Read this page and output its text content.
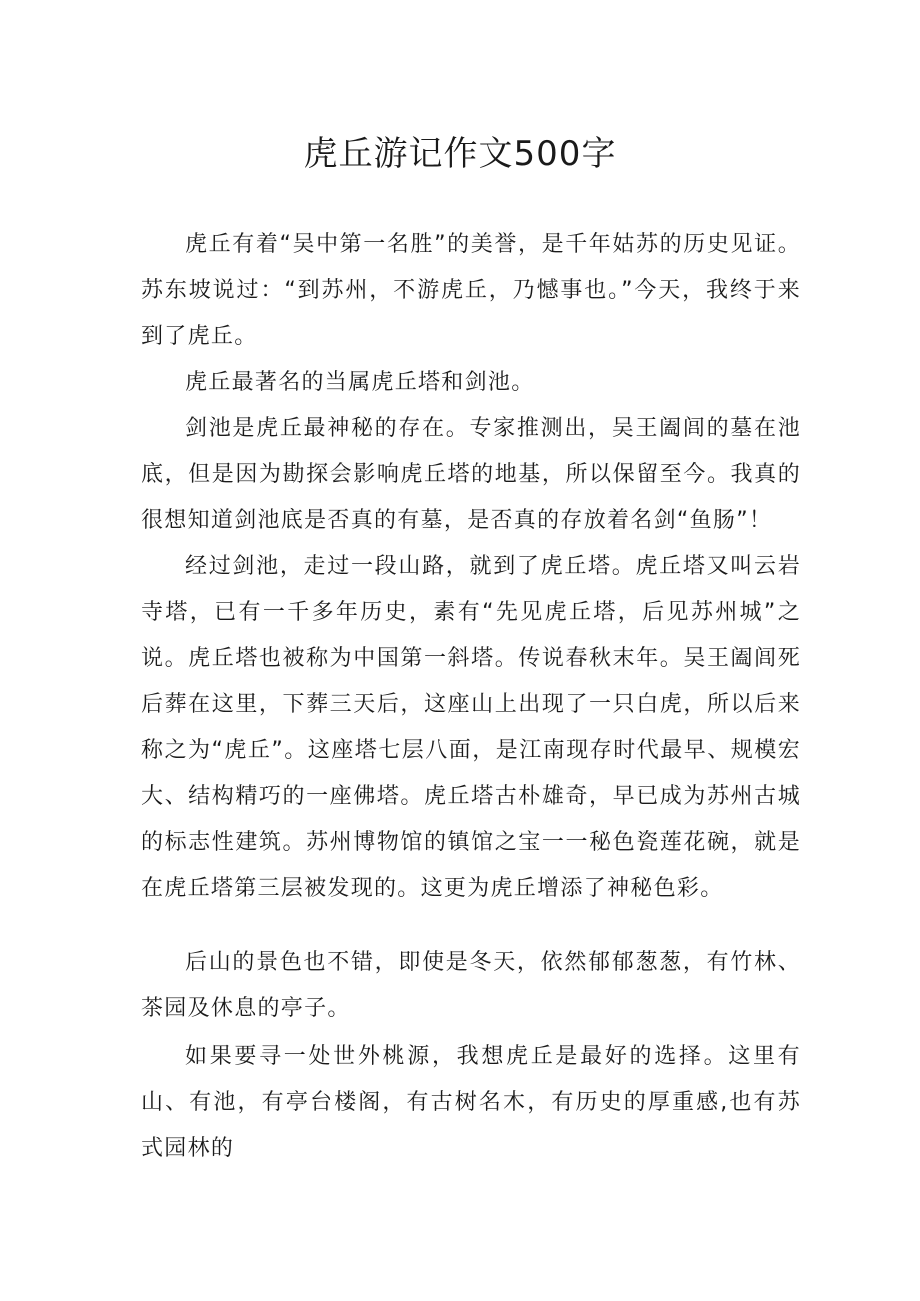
虎丘游记作文500字

虎丘有着“吴中第一名胜”的美誉，是千年姑苏的历史见证。苏东坡说过：“到苏州，不游虎丘，乃憾事也。”今天，我终于来到了虎丘。

虎丘最著名的当属虎丘塔和剑池。

剑池是虎丘最神秘的存在。专家推测出，吴王阖闾的墓在池底，但是因为勘探会影响虎丘塔的地基，所以保留至今。我真的很想知道剑池底是否真的有墓，是否真的存放着名剑“鱼肠”！

经过剑池，走过一段山路，就到了虎丘塔。虎丘塔又叫云岩寺塔，已有一千多年历史，素有“先见虎丘塔，后见苏州城”之说。虎丘塔也被称为中国第一斜塔。传说春秋末年。吴王阖闾死后葬在这里，下葬三天后，这座山上出现了一只白虎，所以后来称之为“虎丘”。这座塔七层八面，是江南现存时代最早、规模宏大、结构精巧的一座佛塔。虎丘塔古朴雄奇，早已成为苏州古城的标志性建筑。苏州博物馆的镇馆之宝一一秘色瓷莲花碗，就是在虎丘塔第三层被发现的。这更为虎丘增添了神秘色彩。

后山的景色也不错，即使是冬天，依然郁郁葱葱，有竹林、茶园及休息的亭子。

如果要寻一处世外桃源，我想虎丘是最好的选择。这里有山、有池，有亭台楼阁，有古树名木，有历史的厚重感,也有苏式园林的
